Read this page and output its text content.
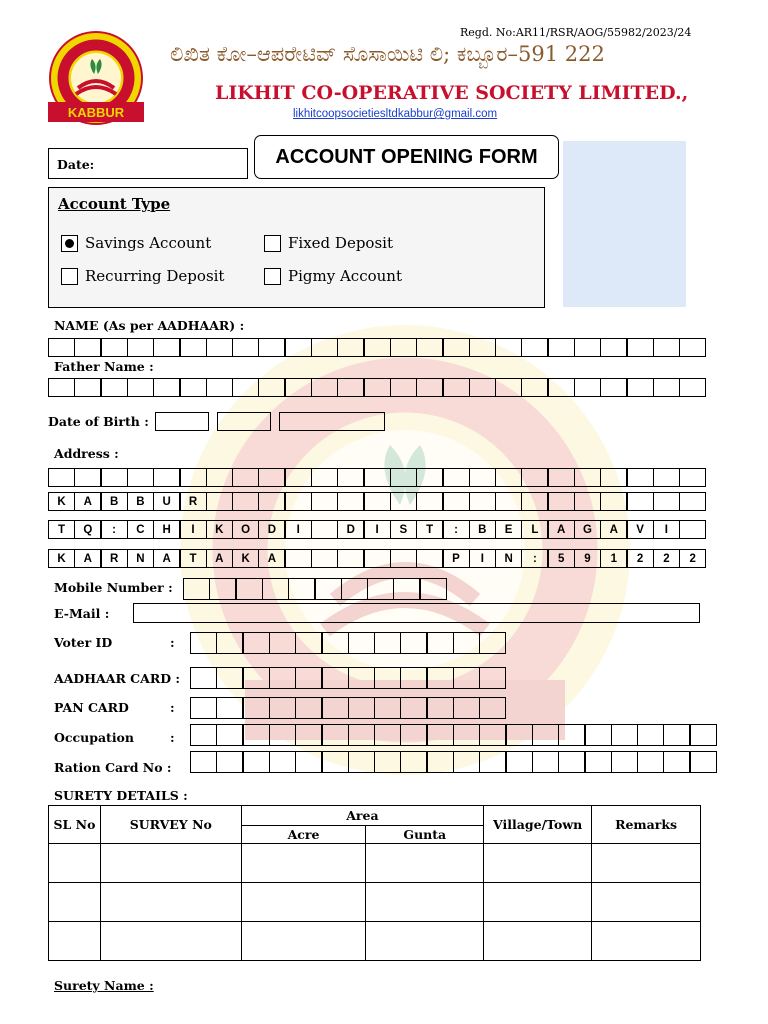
KABBUR
Regd. No:AR11/RSR/AOG/55982/2023/24
ಲಿಖಿತ ಕೋ–ಆಪರೇಟಿವ್ ಸೊಸಾಯಿಟಿ ಲಿ; ಕಬ್ಬೂರ–591 222
LIKHIT CO-OPERATIVE SOCIETY LIMITED.,
likhitcoopsocietiesltdkabbur@gmail.com
Date:	ACCOUNT OPENING FORM
Account Type
Savings Account	Fixed Deposit
Recurring Deposit	Pigmy Account
NAME (As per AADHAAR) :
Father Name :
Date of Birth :
Address :
Mobile Number :
E-Mail :
Voter ID	:
AADHAAR CARD :
PAN CARD	:
Occupation	:
Ration Card No :
K	A	B	B	U	R
T	Q	:	C	H	I	K	O	D	I	D	I	S	T	:	B	E	L	A	G	A	V	I
K	A	R	N	A	T	A	K	A	P	I	N	:	5	9	1	2	2	2
SURETY DETAILS :
SL No	SURVEY No	Area		Village/Town	Remarks
		Acre	Gunta		

Surety Name :
